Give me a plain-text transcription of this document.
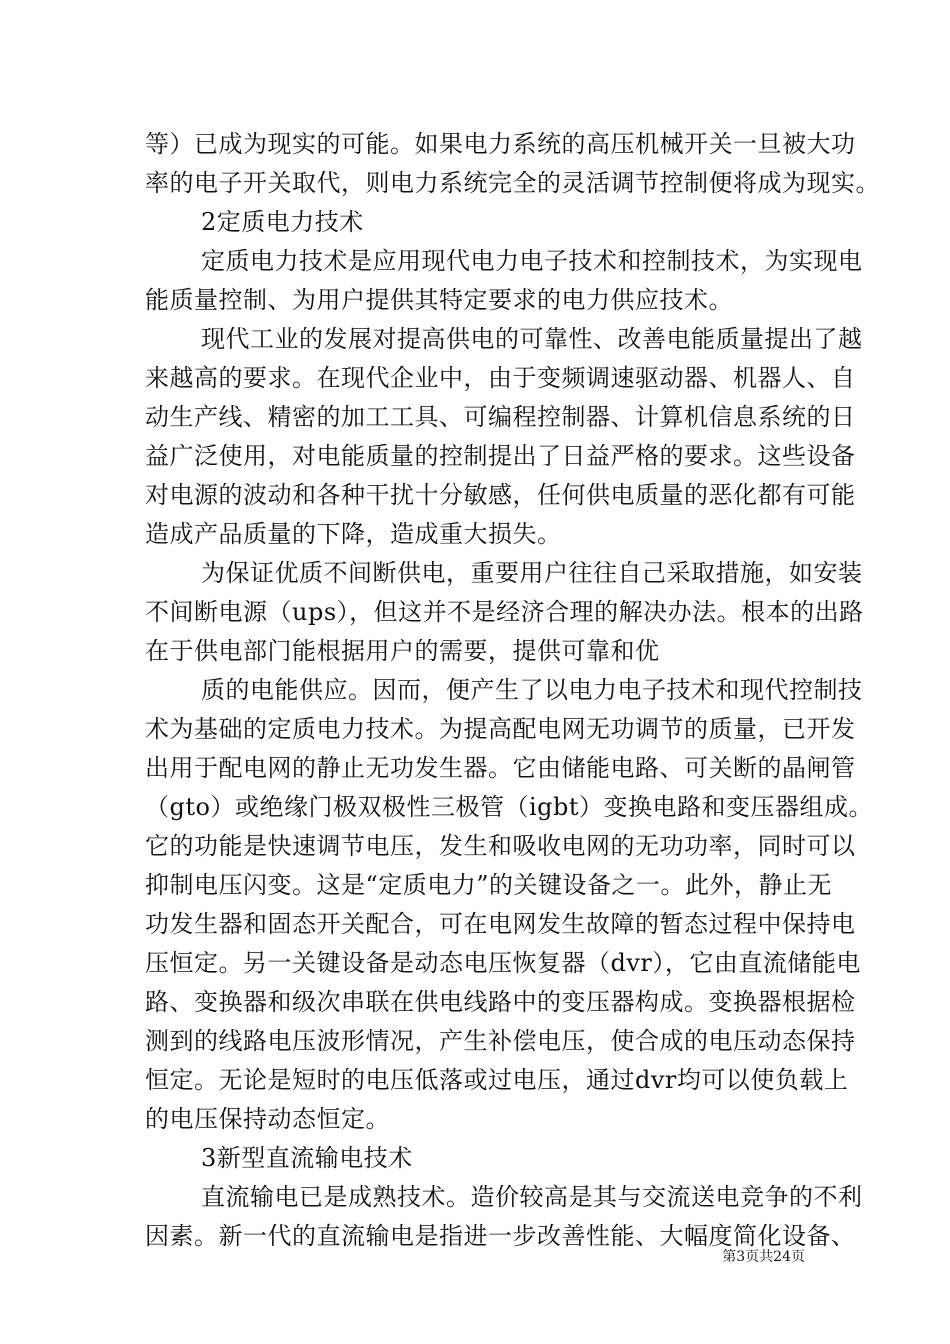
等）已成为现实的可能。如果电力系统的高压机械开关一旦被大功
率的电子开关取代，则电力系统完全的灵活调节控制便将成为现实。
2定质电力技术
定质电力技术是应用现代电力电子技术和控制技术，为实现电
能质量控制、为用户提供其特定要求的电力供应技术。
现代工业的发展对提高供电的可靠性、改善电能质量提出了越
来越高的要求。在现代企业中，由于变频调速驱动器、机器人、自
动生产线、精密的加工工具、可编程控制器、计算机信息系统的日
益广泛使用，对电能质量的控制提出了日益严格的要求。这些设备
对电源的波动和各种干扰十分敏感，任何供电质量的恶化都有可能
造成产品质量的下降，造成重大损失。
为保证优质不间断供电，重要用户往往自己采取措施，如安装
不间断电源（ups），但这并不是经济合理的解决办法。根本的出路
在于供电部门能根据用户的需要，提供可靠和优
质的电能供应。因而，便产生了以电力电子技术和现代控制技
术为基础的定质电力技术。为提高配电网无功调节的质量，已开发
出用于配电网的静止无功发生器。它由储能电路、可关断的晶闸管
（gto）或绝缘门极双极性三极管（igbt）变换电路和变压器组成。
它的功能是快速调节电压，发生和吸收电网的无功功率，同时可以
抑制电压闪变。这是“定质电力”的关键设备之一。此外，静止无
功发生器和固态开关配合，可在电网发生故障的暂态过程中保持电
压恒定。另一关键设备是动态电压恢复器（dvr），它由直流储能电
路、变换器和级次串联在供电线路中的变压器构成。变换器根据检
测到的线路电压波形情况，产生补偿电压，使合成的电压动态保持
恒定。无论是短时的电压低落或过电压，通过dvr均可以使负载上
的电压保持动态恒定。
3新型直流输电技术
直流输电已是成熟技术。造价较高是其与交流送电竞争的不利
因素。新一代的直流输电是指进一步改善性能、大幅度简化设备、
第3页共24页
